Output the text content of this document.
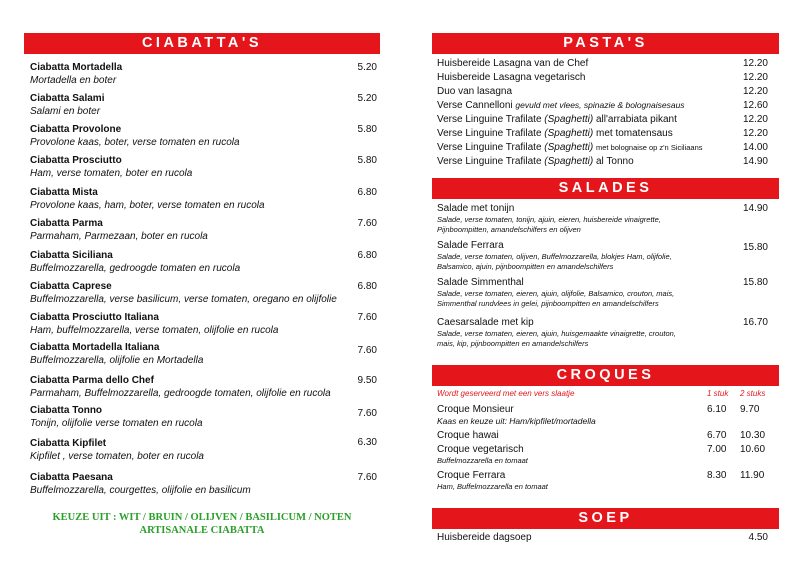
CIABATTA'S
Ciabatta Mortadella
Mortadella en boter
5.20
Ciabatta Salami
Salami en boter
5.20
Ciabatta Provolone
Provolone kaas, boter, verse tomaten en rucola
5.80
Ciabatta Prosciutto
Ham, verse tomaten, boter en rucola
5.80
Ciabatta Mista
Provolone kaas, ham, boter, verse tomaten en rucola
6.80
Ciabatta Parma
Parmaham, Parmezaan, boter en rucola
7.60
Ciabatta Siciliana
Buffelmozzarella, gedroogde tomaten en rucola
6.80
Ciabatta Caprese
Buffelmozzarella, verse basilicum, verse tomaten, oregano en olijfolie
6.80
Ciabatta Prosciutto Italiana
Ham, buffelmozzarella, verse tomaten, olijfolie en rucola
7.60
Ciabatta Mortadella Italiana
Buffelmozzarella, olijfolie en Mortadella
7.60
Ciabatta Parma dello Chef
Parmaham, Buffelmozzarella, gedroogde tomaten, olijfolie en rucola
9.50
Ciabatta Tonno
Tonijn, olijfolie verse tomaten en rucola
7.60
Ciabatta Kipfilet
Kipfilet , verse tomaten, boter en rucola
6.30
Ciabatta Paesana
Buffelmozzarella, courgettes, olijfolie en basilicum
7.60
KEUZE UIT : WIT / BRUIN / OLIJVEN / BASILICUM / NOTEN
ARTISANALE CIABATTA
PASTA'S
Huisbereide Lasagna van de Chef	12.20
Huisbereide Lasagna vegetarisch	12.20
Duo van lasagna	12.20
Verse Cannelloni gevuld met vlees, spinazie & bolognaisesaus	12.60
Verse Linguine Trafilate (Spaghetti) all'arrabiata pikant	12.20
Verse Linguine Trafilate (Spaghetti) met tomatensaus	12.20
Verse Linguine Trafilate (Spaghetti) met bolognaise op z'n Siciliaans	14.00
Verse Linguine Trafilate (Spaghetti) al Tonno	14.90
SALADES
Salade met tonijn
Salade, verse tomaten, tonijn, ajuin, eieren, huisbereide vinaigrette,
Pijnboompitten, amandelschilfers en olijven
14.90
Salade Ferrara
Salade, verse tomaten, olijven, Buffelmozzarella, blokjes Ham, olijfolie,
Balsamico, ajuin, pijnboompitten en amandelschilfers
15.80
Salade Simmenthal
Salade, verse tomaten, eieren, ajuin, olijfolie, Balsamico, crouton, mais,
Simmenthal rundvlees in gelei, pijnboompitten en amandelschilfers
15.80
Caesarsalade met kip
Salade, verse tomaten, eieren, ajuin, huisgemaakte vinaigrette, crouton,
mais, kip, pijnboompitten en amandelschilfers
16.70
CROQUES
Wordt geserveerd met een vers slaatje	1 stuk 2 stuks
Croque Monsieur
Kaas en keuze uit: Ham/kipfilet/mortadella
6.10 9.70
Croque hawai	6.70 10.30
Croque vegetarisch
Buffelmozzarella en tomaat
7.00 10.60
Croque Ferrara
Ham, Buffelmozzarella en tomaat
8.30 11.90
SOEP
Huisbereide dagsoep	4.50
